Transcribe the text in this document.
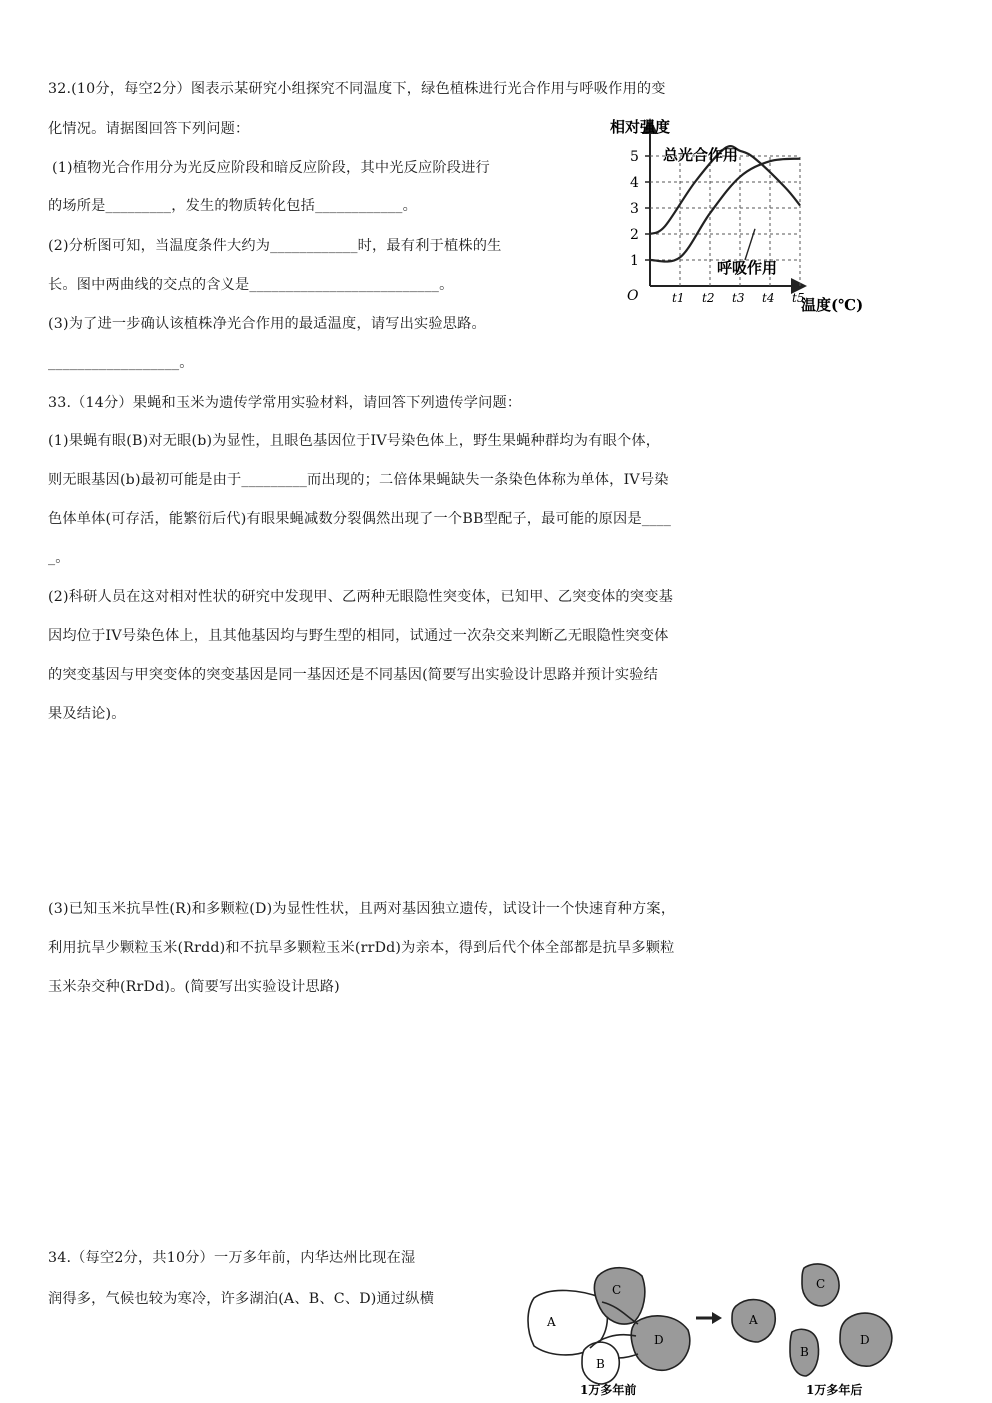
32.(10分，每空2分）图表示某研究小组探究不同温度下，绿色植株进行光合作用与呼吸作用的变
化情况。请据图回答下列问题：
(1)植物光合作用分为光反应阶段和暗反应阶段，其中光反应阶段进行
的场所是_________，发生的物质转化包括____________。
(2)分析图可知，当温度条件大约为____________时，最有利于植株的生
长。图中两曲线的交点的含义是__________________________。
(3)为了进一步确认该植株净光合作用的最适温度，请写出实验思路。
__________________。
相对强度
温度(℃)
O
1
2
3
4
5
t1 t2 t3 t4 t5
总光合作用
呼吸作用
33.（14分）果蝇和玉米为遗传学常用实验材料，请回答下列遗传学问题：
(1)果蝇有眼(B)对无眼(b)为显性，且眼色基因位于IV号染色体上，野生果蝇种群均为有眼个体，
则无眼基因(b)最初可能是由于_________而出现的；二倍体果蝇缺失一条染色体称为单体，IV号染
色体单体(可存活，能繁衍后代)有眼果蝇减数分裂偶然出现了一个BB型配子，最可能的原因是____
_。
(2)科研人员在这对相对性状的研究中发现甲、乙两种无眼隐性突变体，已知甲、乙突变体的突变基
因均位于IV号染色体上，且其他基因均与野生型的相同，试通过一次杂交来判断乙无眼隐性突变体
的突变基因与甲突变体的突变基因是同一基因还是不同基因(简要写出实验设计思路并预计实验结
果及结论)。
(3)已知玉米抗旱性(R)和多颗粒(D)为显性性状，且两对基因独立遗传，试设计一个快速育种方案，
利用抗旱少颗粒玉米(Rrdd)和不抗旱多颗粒玉米(rrDd)为亲本，得到后代个体全部都是抗旱多颗粒
玉米杂交种(RrDd)。(简要写出实验设计思路)
34.（每空2分，共10分）一万多年前，内华达州比现在湿
润得多，气候也较为寒冷，许多湖泊(A、B、C、D)通过纵横
A
C
D
B
A
C
B
D
1万多年前	1万多年后
